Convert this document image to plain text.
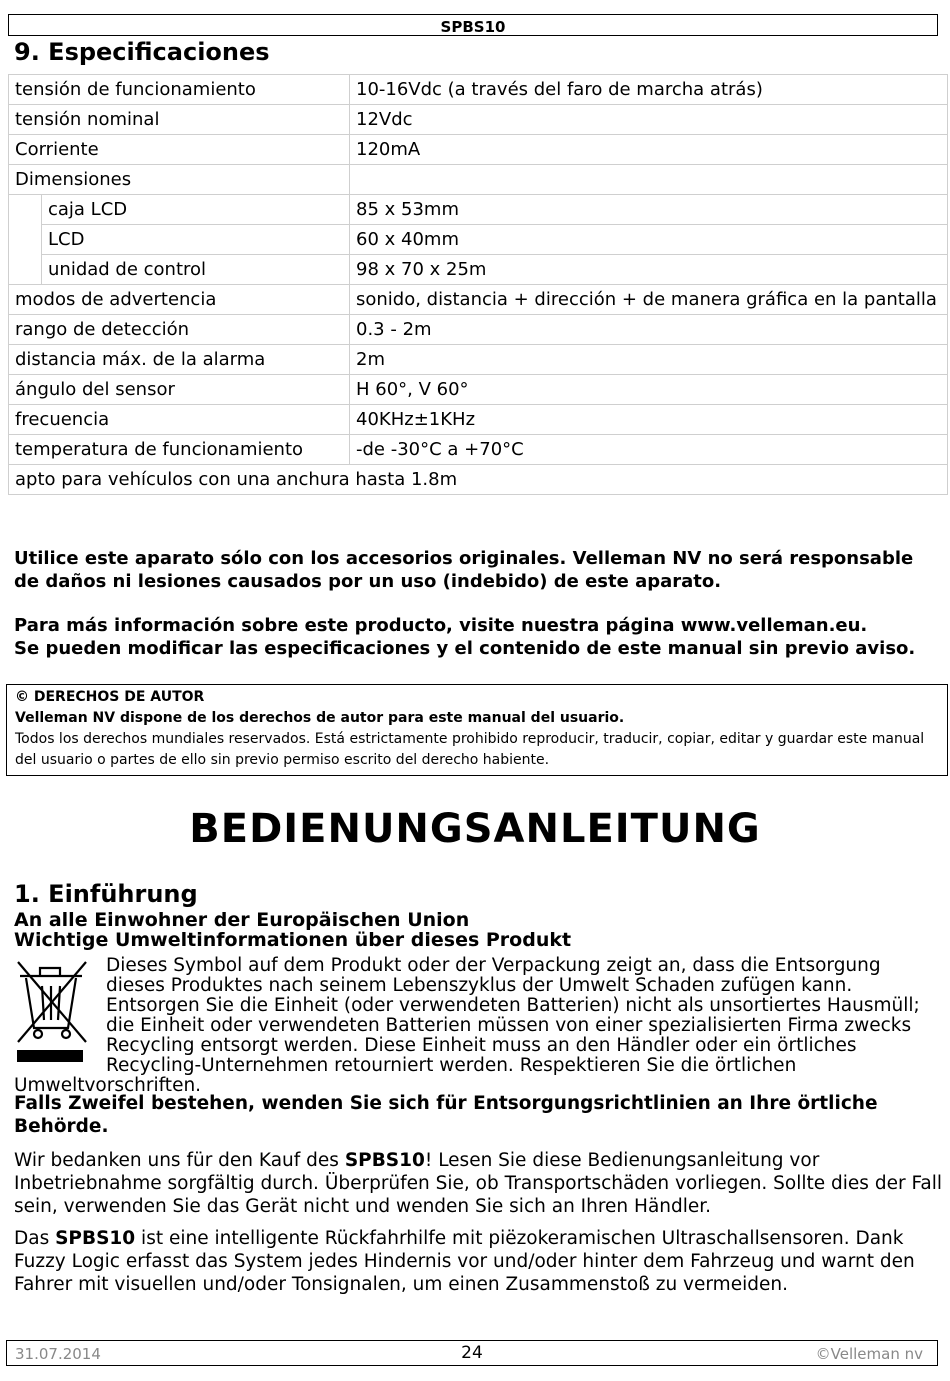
SPBS10
9. Especificaciones
tensión de funcionamiento		10-16Vdc (a través del faro de marcha atrás)
tensión nominal		12Vdc
Corriente		120mA
Dimensiones		
	caja LCD	85 x 53mm
	LCD	60 x 40mm
	unidad de control	98 x 70 x 25m
modos de advertencia		sonido, distancia + dirección + de manera gráfica en la pantalla
rango de detección		0.3 - 2m
distancia máx. de la alarma		2m
ángulo del sensor		H 60°, V 60°
frecuencia		40KHz±1KHz
temperatura de funcionamiento		-de -30°C a +70°C
apto para vehículos con una anchura hasta 1.8m		
Utilice este aparato sólo con los accesorios originales. Velleman NV no será responsable de daños ni lesiones causados por un uso (indebido) de este aparato.
Para más información sobre este producto, visite nuestra página www.velleman.eu.
Se pueden modificar las especificaciones y el contenido de este manual sin previo aviso.
© DERECHOS DE AUTOR
Velleman NV dispone de los derechos de autor para este manual del usuario.
Todos los derechos mundiales reservados. Está estrictamente prohibido reproducir, traducir, copiar, editar y guardar este manual del usuario o partes de ello sin previo permiso escrito del derecho habiente.
BEDIENUNGSANLEITUNG
1. Einführung
An alle Einwohner der Europäischen Union
Wichtige Umweltinformationen über dieses Produkt
Dieses Symbol auf dem Produkt oder der Verpackung zeigt an, dass die Entsorgung dieses Produktes nach seinem Lebenszyklus der Umwelt Schaden zufügen kann. Entsorgen Sie die Einheit (oder verwendeten Batterien) nicht als unsortiertes Hausmüll; die Einheit oder verwendeten Batterien müssen von einer spezialisierten Firma zwecks Recycling entsorgt werden. Diese Einheit muss an den Händler oder ein örtliches Recycling-Unternehmen retourniert werden. Respektieren Sie die örtlichen Umweltvorschriften.
Falls Zweifel bestehen, wenden Sie sich für Entsorgungsrichtlinien an Ihre örtliche Behörde.
Wir bedanken uns für den Kauf des SPBS10! Lesen Sie diese Bedienungsanleitung vor Inbetriebnahme sorgfältig durch. Überprüfen Sie, ob Transportschäden vorliegen. Sollte dies der Fall sein, verwenden Sie das Gerät nicht und wenden Sie sich an Ihren Händler.
Das SPBS10 ist eine intelligente Rückfahrhilfe mit piëzokeramischen Ultraschallsensoren. Dank Fuzzy Logic erfasst das System jedes Hindernis vor und/oder hinter dem Fahrzeug und warnt den Fahrer mit visuellen und/oder Tonsignalen, um einen Zusammenstoß zu vermeiden.
31.07.2014	24	©Velleman nv
